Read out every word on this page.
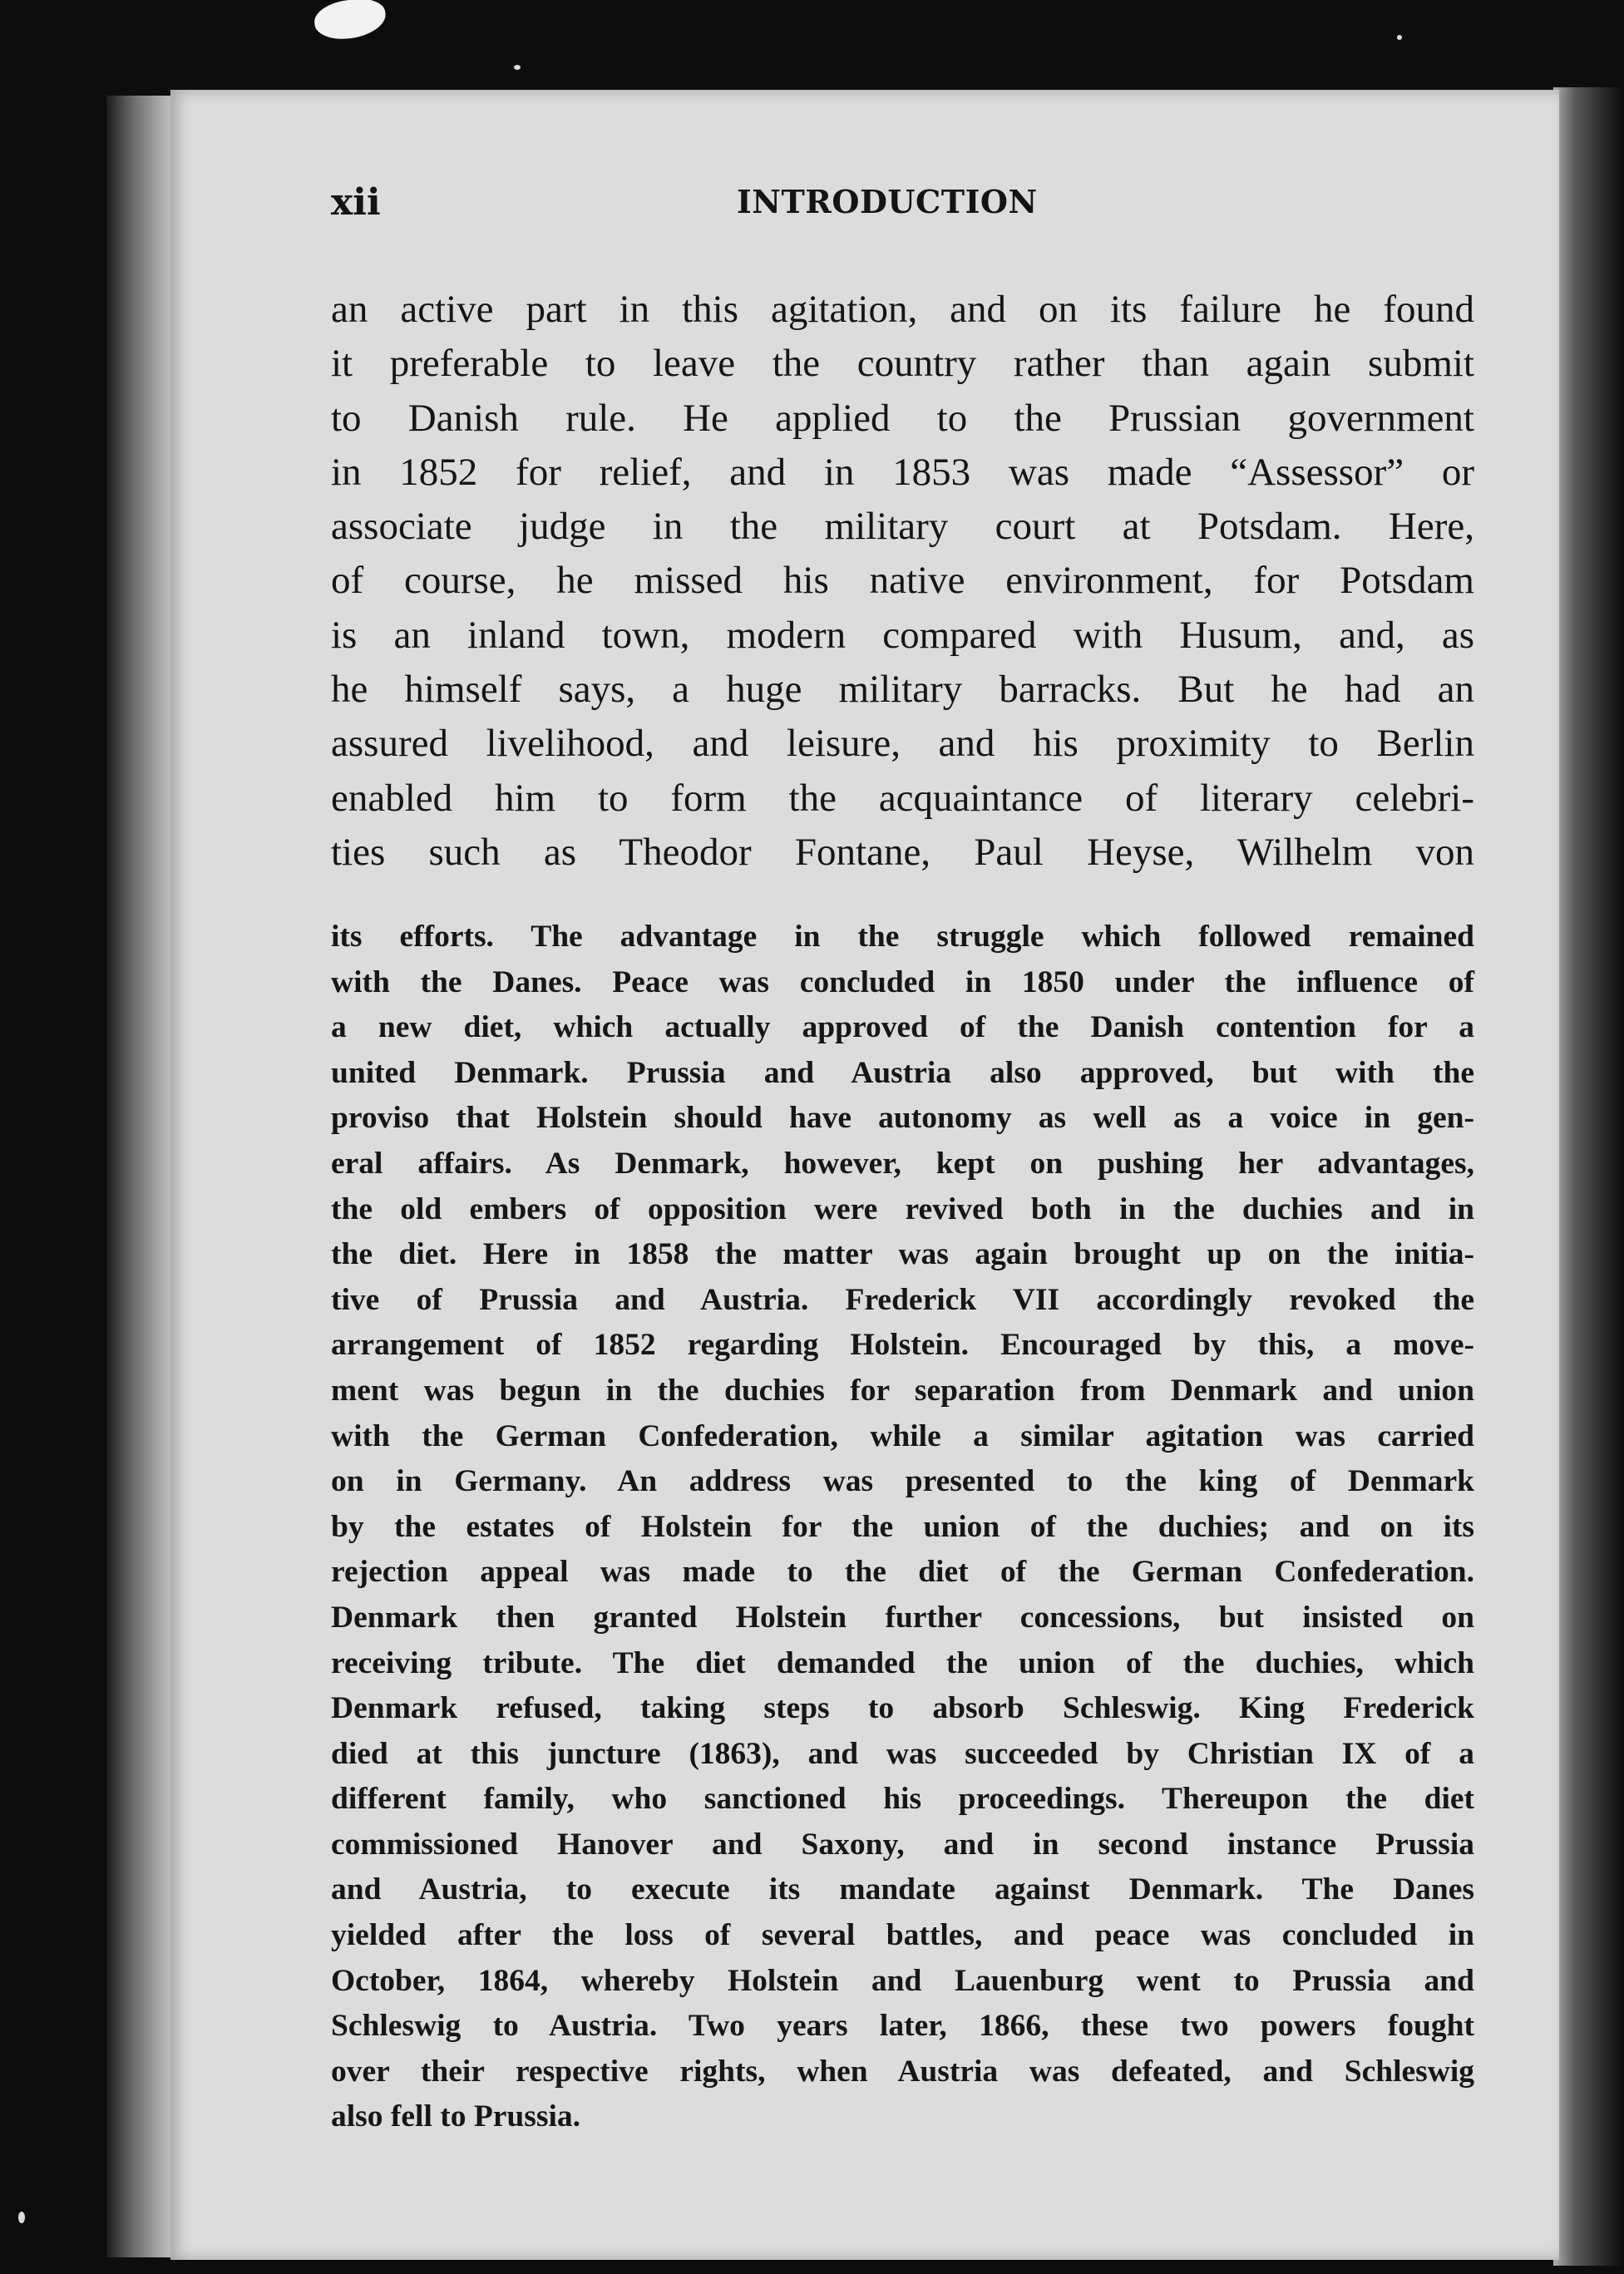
xii	INTRODUCTION
an active part in this agitation, and on its failure he found
it preferable to leave the country rather than again submit
to Danish rule. He applied to the Prussian government
in 1852 for relief, and in 1853 was made “Assessor” or
associate judge in the military court at Potsdam. Here,
of course, he missed his native environment, for Potsdam
is an inland town, modern compared with Husum, and, as
he himself says, a huge military barracks. But he had an
assured livelihood, and leisure, and his proximity to Berlin
enabled him to form the acquaintance of literary celebri-
ties such as Theodor Fontane, Paul Heyse, Wilhelm von
its efforts. The advantage in the struggle which followed remained
with the Danes. Peace was concluded in 1850 under the influence of
a new diet, which actually approved of the Danish contention for a
united Denmark. Prussia and Austria also approved, but with the
proviso that Holstein should have autonomy as well as a voice in gen-
eral affairs. As Denmark, however, kept on pushing her advantages,
the old embers of opposition were revived both in the duchies and in
the diet. Here in 1858 the matter was again brought up on the initia-
tive of Prussia and Austria. Frederick VII accordingly revoked the
arrangement of 1852 regarding Holstein. Encouraged by this, a move-
ment was begun in the duchies for separation from Denmark and union
with the German Confederation, while a similar agitation was carried
on in Germany. An address was presented to the king of Denmark
by the estates of Holstein for the union of the duchies; and on its
rejection appeal was made to the diet of the German Confederation.
Denmark then granted Holstein further concessions, but insisted on
receiving tribute. The diet demanded the union of the duchies, which
Denmark refused, taking steps to absorb Schleswig. King Frederick
died at this juncture (1863), and was succeeded by Christian IX of a
different family, who sanctioned his proceedings. Thereupon the diet
commissioned Hanover and Saxony, and in second instance Prussia
and Austria, to execute its mandate against Denmark. The Danes
yielded after the loss of several battles, and peace was concluded in
October, 1864, whereby Holstein and Lauenburg went to Prussia and
Schleswig to Austria. Two years later, 1866, these two powers fought
over their respective rights, when Austria was defeated, and Schleswig
also fell to Prussia.
